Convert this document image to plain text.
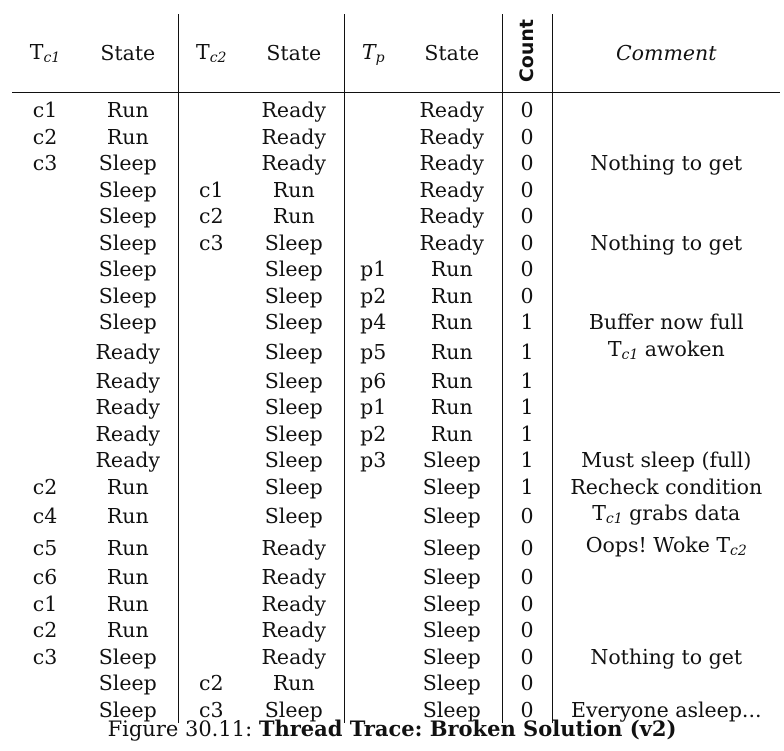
$T_{c1}$	State	$T_{c2}$	State	$T_p$	State	Count	Comment

c1	Run		Ready		Ready	0	
c2	Run		Ready		Ready	0	
c3	Sleep		Ready		Ready	0	Nothing to get
	Sleep	c1	Run		Ready	0	
	Sleep	c2	Run		Ready	0	
	Sleep	c3	Sleep		Ready	0	Nothing to get
	Sleep		Sleep	p1	Run	0	
	Sleep		Sleep	p2	Run	0	
	Sleep		Sleep	p4	Run	1	Buffer now full
	Ready		Sleep	p5	Run	1	$T_{c1}$ awoken
	Ready		Sleep	p6	Run	1	
	Ready		Sleep	p1	Run	1	
	Ready		Sleep	p2	Run	1	
	Ready		Sleep	p3	Sleep	1	Must sleep (full)
c2	Run		Sleep		Sleep	1	Recheck condition
c4	Run		Sleep		Sleep	0	$T_{c1}$ grabs data
c5	Run		Ready		Sleep	0	Oops! Woke $T_{c2}$
c6	Run		Ready		Sleep	0	
c1	Run		Ready		Sleep	0	
c2	Run		Ready		Sleep	0	
c3	Sleep		Ready		Sleep	0	Nothing to get
	Sleep	c2	Run		Sleep	0	
	Sleep	c3	Sleep		Sleep	0	Everyone asleep...
Figure 30.11: Thread Trace: Broken Solution (v2)
